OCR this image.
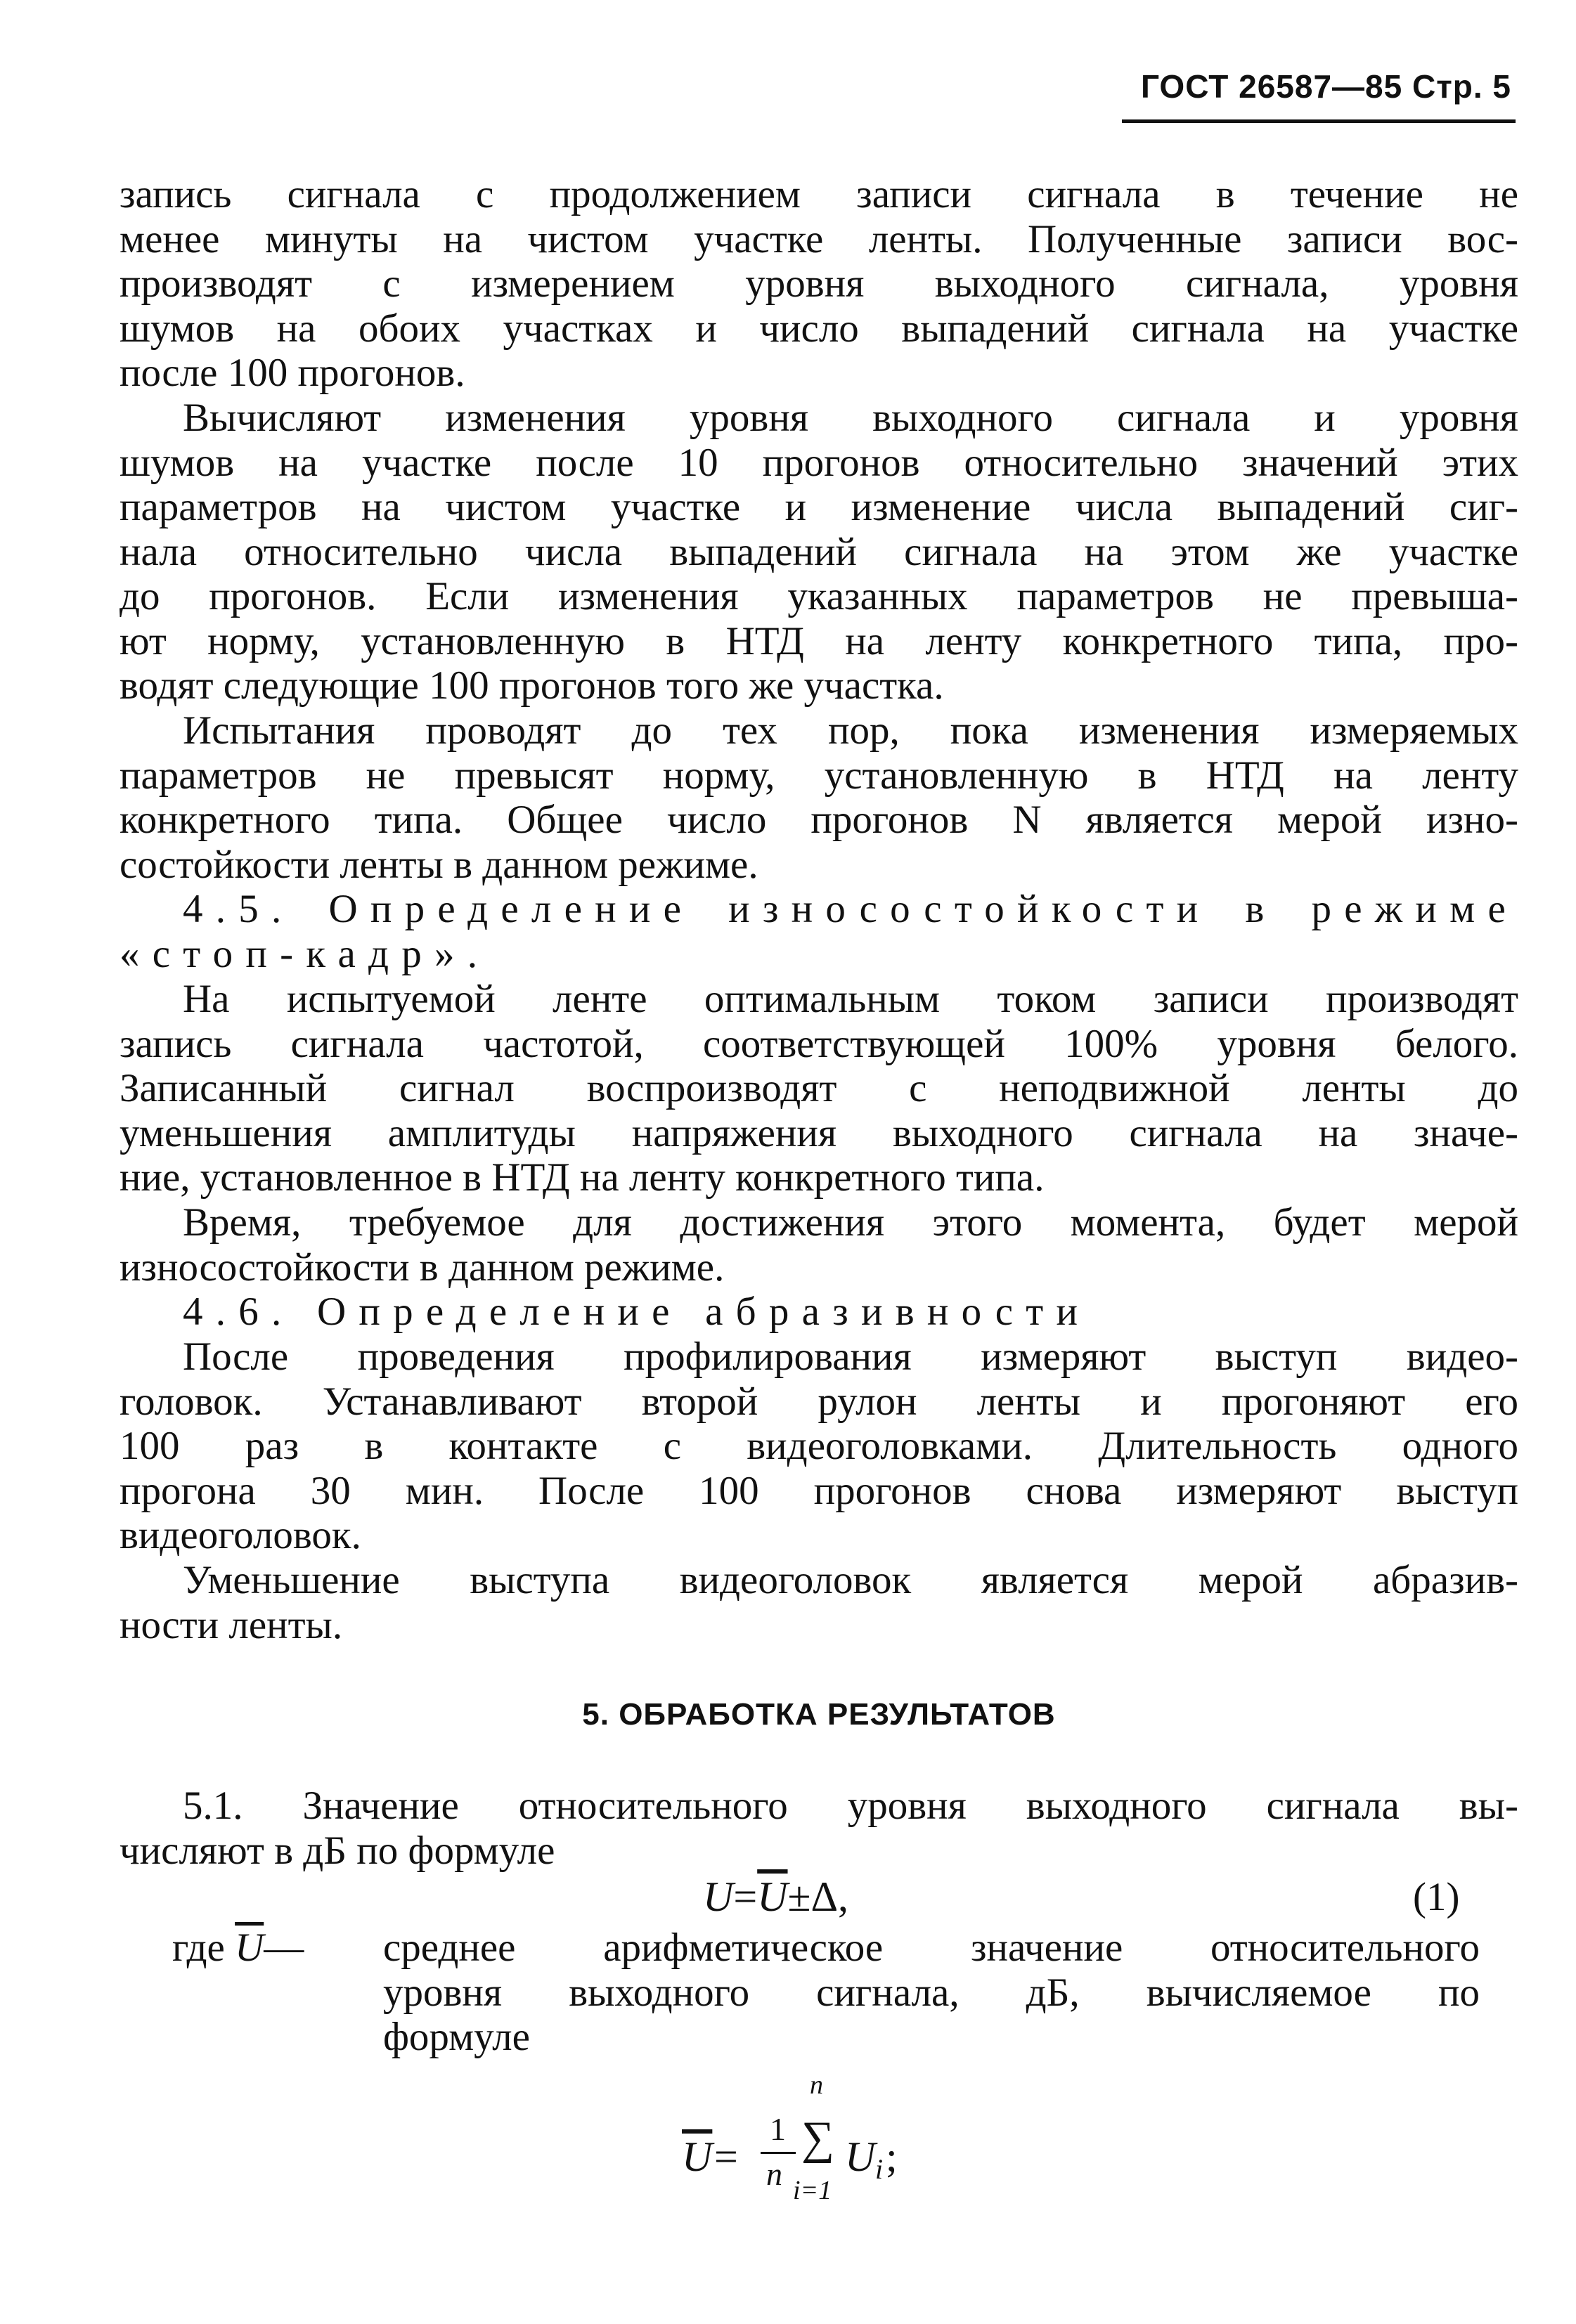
ГОСТ 26587—85 Стр. 5
запись сигнала с продолжением записи сигнала в течение не
менее минуты на чистом участке ленты. Полученные записи вос-
производят с измерением уровня выходного сигнала, уровня
шумов на обоих участках и число выпадений сигнала на участке
после 100 прогонов.
Вычисляют изменения уровня выходного сигнала и уровня
шумов на участке после 10 прогонов относительно значений этих
параметров на чистом участке и изменение числа выпадений сиг-
нала относительно числа выпадений сигнала на этом же участке
до прогонов. Если изменения указанных параметров не превыша-
ют норму, установленную в НТД на ленту конкретного типа, про-
водят следующие 100 прогонов того же участка.
Испытания проводят до тех пор, пока изменения измеряемых
параметров не превысят норму, установленную в НТД на ленту
конкретного типа. Общее число прогонов N является мерой изно-
состойкости ленты в данном режиме.
4.5. Определение износостойкости в режиме
«стоп-кадр».
На испытуемой ленте оптимальным током записи производят
запись сигнала частотой, соответствующей 100% уровня белого.
Записанный сигнал воспроизводят с неподвижной ленты до
уменьшения амплитуды напряжения выходного сигнала на значе-
ние, установленное в НТД на ленту конкретного типа.
Время, требуемое для достижения этого момента, будет мерой
износостойкости в данном режиме.
4.6. Определение абразивности
После проведения профилирования измеряют выступ видео-
головок. Устанавливают второй рулон ленты и прогоняют его
100 раз в контакте с видеоголовками. Длительность одного
прогона 30 мин. После 100 прогонов снова измеряют выступ
видеоголовок.
Уменьшение выступа видеоголовок является мерой абразив-
ности ленты.
5. ОБРАБОТКА РЕЗУЛЬТАТОВ
5.1. Значение относительного уровня выходного сигнала вы-
числяют в дБ по формуле
$U=\overline{U}\pm\Delta$,	(1)
где $\overline{U}—$	среднее арифметическое значение относительного
уровня выходного сигнала, дБ, вычисляемое по
формуле
$\overline{U}$ =
1
n
n
∑
i=1
U i ;
